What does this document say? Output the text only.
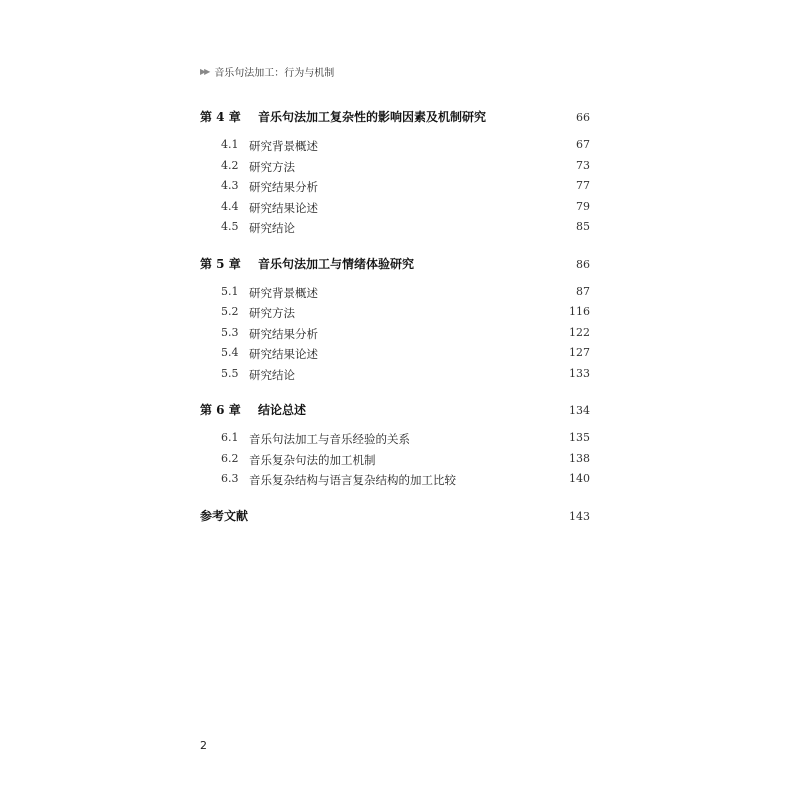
▶▶ 音乐句法加工：行为与机制
第 4 章	音乐句法加工复杂性的影响因素及机制研究	66
4.1 研究背景概述	67
4.2 研究方法	73
4.3 研究结果分析	77
4.4 研究结果论述	79
4.5 研究结论	85
第 5 章	音乐句法加工与情绪体验研究	86
5.1 研究背景概述	87
5.2 研究方法	116
5.3 研究结果分析	122
5.4 研究结果论述	127
5.5 研究结论	133
第 6 章	结论总述	134
6.1 音乐句法加工与音乐经验的关系	135
6.2 音乐复杂句法的加工机制	138
6.3 音乐复杂结构与语言复杂结构的加工比较	140
参考文献	143
2
